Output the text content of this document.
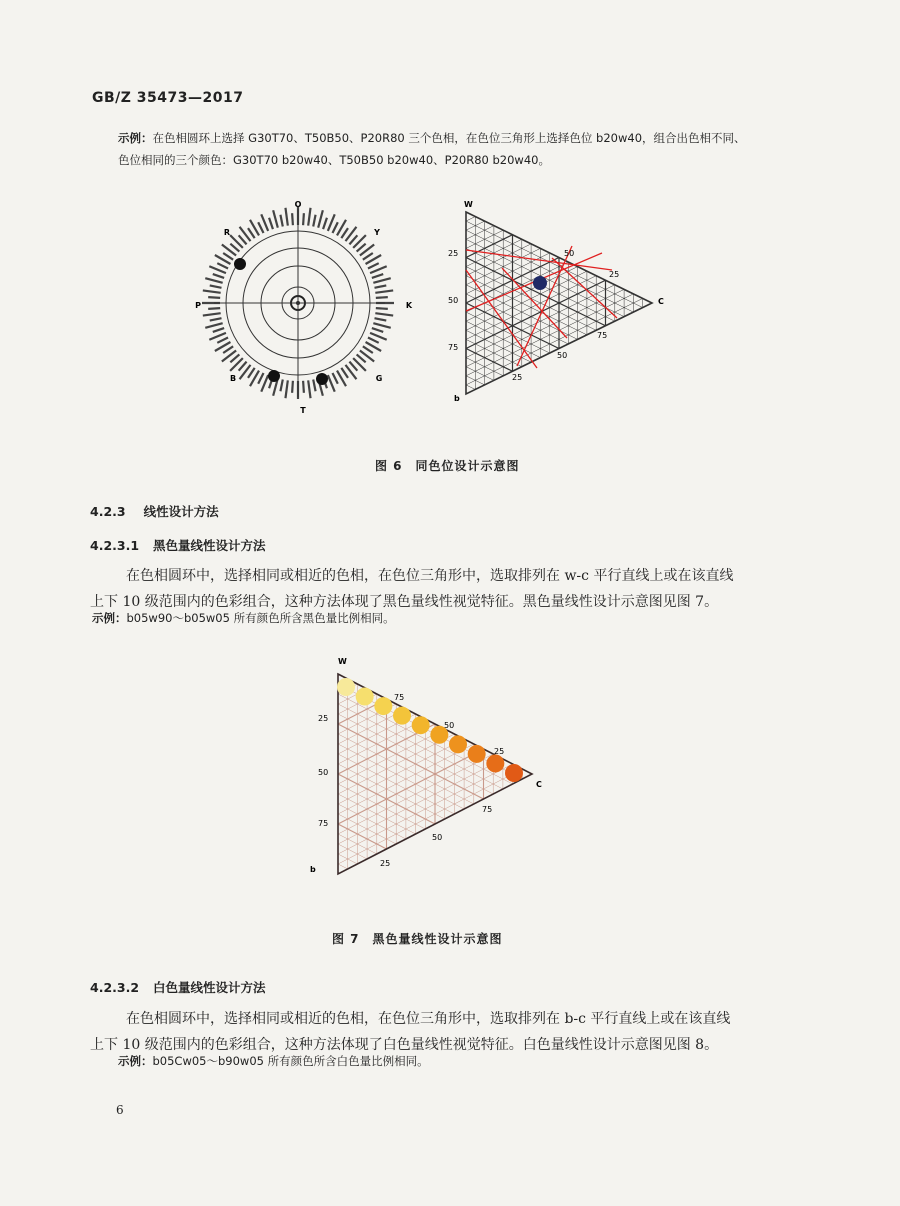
GB/Z 35473—2017
示例：在色相圆环上选择 G30T70、T50B50、P20R80 三个色相，在色位三角形上选择色位 b20w40，组合出色相不同、
色位相同的三个颜色：G30T70 b20w40、T50B50 b20w40、P20R80 b20w40。
O
Y
K
G
T
B
P
R
W
C
b
25
50
75
50
25
50
75
25
图 6　同色位设计示意图
4.2.3 线性设计方法
4.2.3.1 黑色量线性设计方法
在色相圆环中，选择相同或相近的色相，在色位三角形中，选取排列在 w-c 平行直线上或在该直线
上下 10 级范围内的色彩组合，这种方法体现了黑色量线性视觉特征。黑色量线性设计示意图见图 7。
示例：b05w90～b05w05 所有颜色所含黑色量比例相同。
W
C
b
25
50
75
75
50
25
75
50
25
图 7　黑色量线性设计示意图
4.2.3.2 白色量线性设计方法
在色相圆环中，选择相同或相近的色相，在色位三角形中，选取排列在 b-c 平行直线上或在该直线
上下 10 级范围内的色彩组合，这种方法体现了白色量线性视觉特征。白色量线性设计示意图见图 8。
示例：b05Cw05～b90w05 所有颜色所含白色量比例相同。
6
